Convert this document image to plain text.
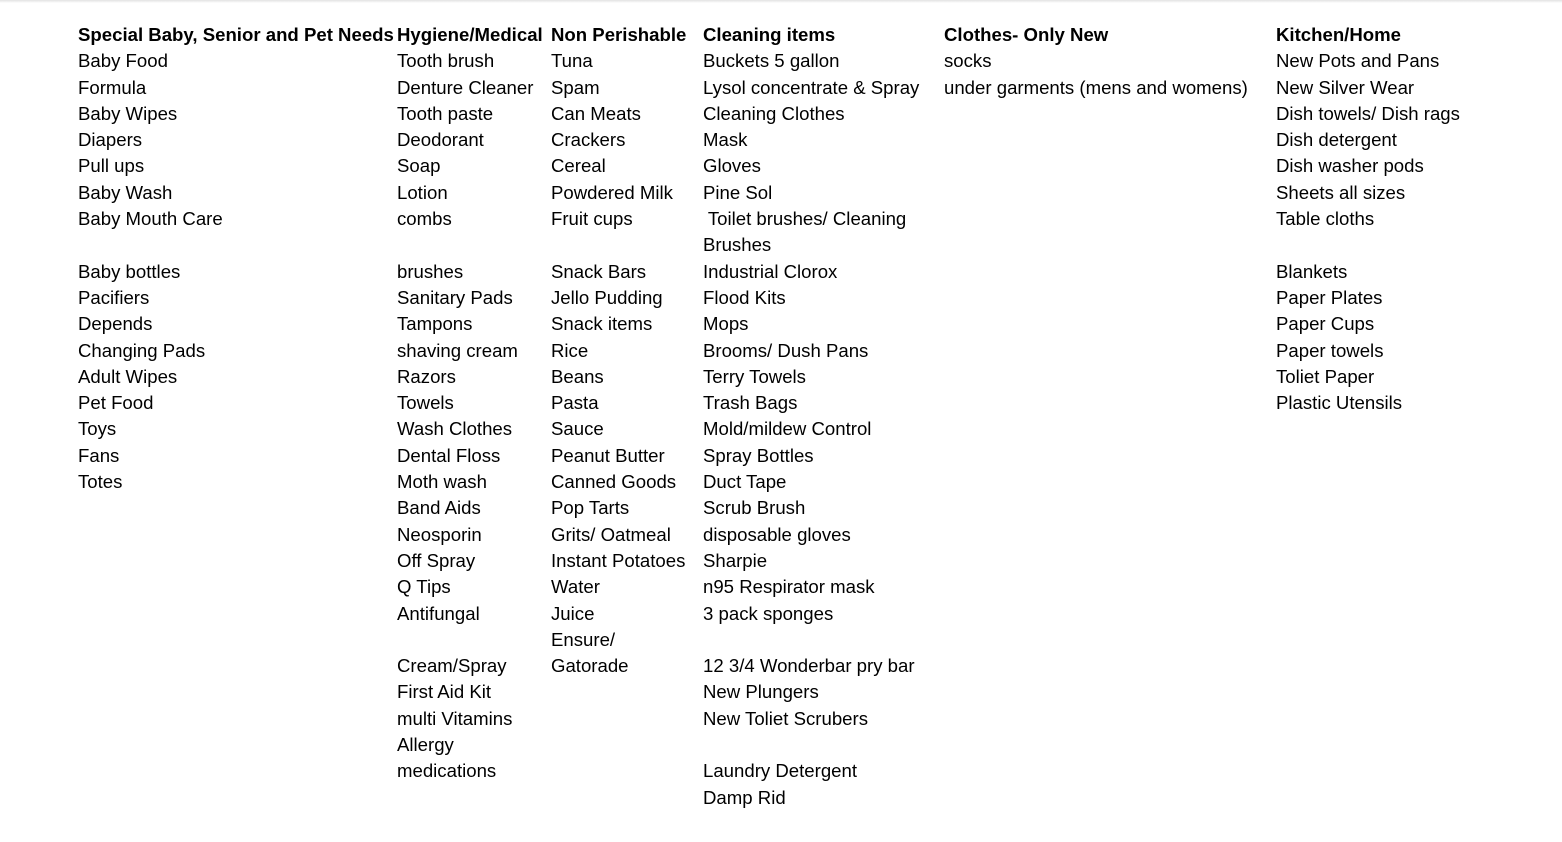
Special Baby, Senior and Pet Needs
Baby Food
Formula
Baby Wipes
Diapers
Pull ups
Baby Wash
Baby Mouth Care
Baby bottles
Pacifiers
Depends
Changing Pads
Adult Wipes
Pet Food
Toys
Fans
Totes
Hygiene/Medical
Tooth brush
Denture Cleaner
Tooth paste
Deodorant
Soap
Lotion
combs
brushes
Sanitary Pads
Tampons
shaving cream
Razors
Towels
Wash Clothes
Dental Floss
Moth wash
Band Aids
Neosporin
Off Spray
Q Tips
Antifungal
Cream/Spray
First Aid Kit
multi Vitamins
Allergy
medications
Non Perishable
Tuna
Spam
Can Meats
Crackers
Cereal
Powdered Milk
Fruit cups
Snack Bars
Jello Pudding
Snack items
Rice
Beans
Pasta
Sauce
Peanut Butter
Canned Goods
Pop Tarts
Grits/ Oatmeal
Instant Potatoes
Water
Juice
Ensure/
Gatorade
Cleaning items
Buckets 5 gallon
Lysol concentrate & Spray
Cleaning Clothes
Mask
Gloves
Pine Sol
Toilet brushes/ Cleaning
Brushes
Industrial Clorox
Flood Kits
Mops
Brooms/ Dush Pans
Terry Towels
Trash Bags
Mold/mildew Control
Spray Bottles
Duct Tape
Scrub Brush
disposable gloves
Sharpie
n95 Respirator mask
3 pack sponges
12 3/4 Wonderbar pry bar
New Plungers
New Toliet Scrubers
Laundry Detergent
Damp Rid
Clothes- Only New
socks
under garments (mens and womens)
Kitchen/Home
New Pots and Pans
New Silver Wear
Dish towels/ Dish rags
Dish detergent
Dish washer pods
Sheets all sizes
Table cloths
Blankets
Paper Plates
Paper Cups
Paper towels
Toliet Paper
Plastic Utensils
